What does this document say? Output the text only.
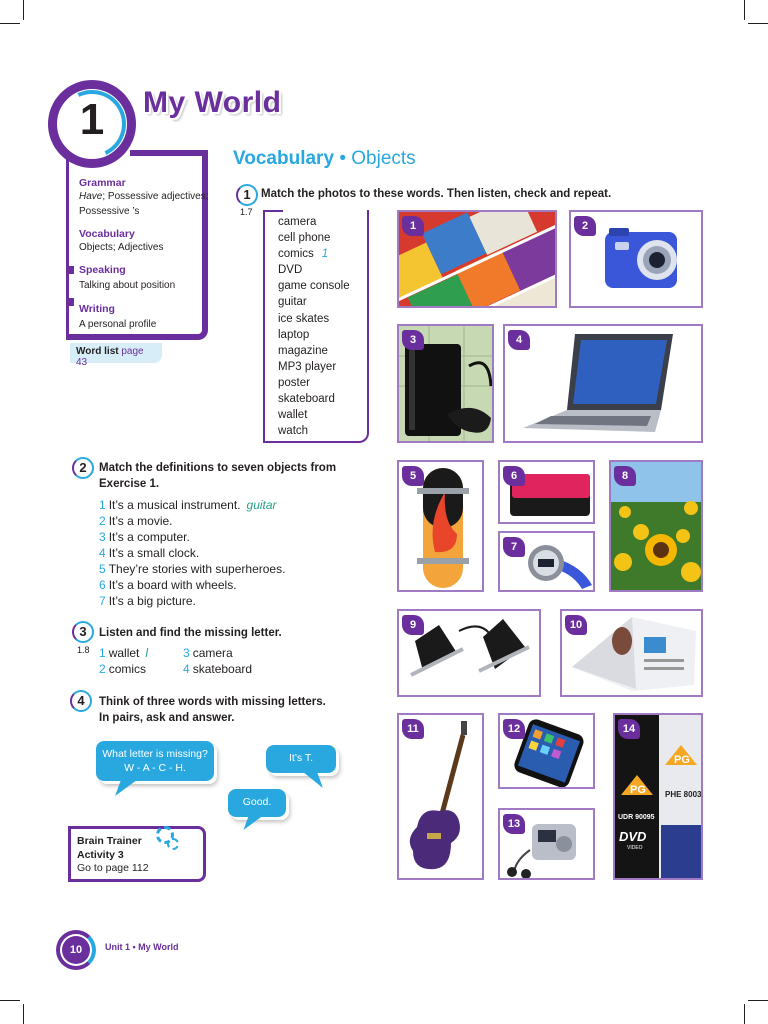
1	My World
Grammar
Have; Possessive adjectives;
Possessive ’s
Vocabulary
Objects; Adjectives
Speaking
Talking about position
Writing
A personal profile
Word list page 43
Vocabulary • Objects
1
1.7
Match the photos to these words. Then listen, check and repeat.
camera
cell phone
comics 1
DVD
game console
guitar
ice skates
laptop
magazine
MP3 player
poster
skateboard
wallet
watch
2	Match the definitions to seven objects from
Exercise 1.
1 It’s a musical instrument. guitar
2 It’s a movie.
3 It’s a computer.
4 It’s a small clock.
5 They’re stories with superheroes.
6 It’s a board with wheels.
7 It’s a big picture.
3
1.8
Listen and find the missing letter.
1 wallet l
2 comics
3 camera
4 skateboard
4	Think of three words with missing letters.
In pairs, ask and answer.
What letter is missing?
W - A - C - H.
It’s T.
Good.
Brain Trainer
Activity 3
Go to page 112
10	Unit 1 • My World
1	2
3	4
5	6
7
8
9	10
11	12
13
PG
PG PHE 8003
UDR 90095
DVD
VIDEO
14
